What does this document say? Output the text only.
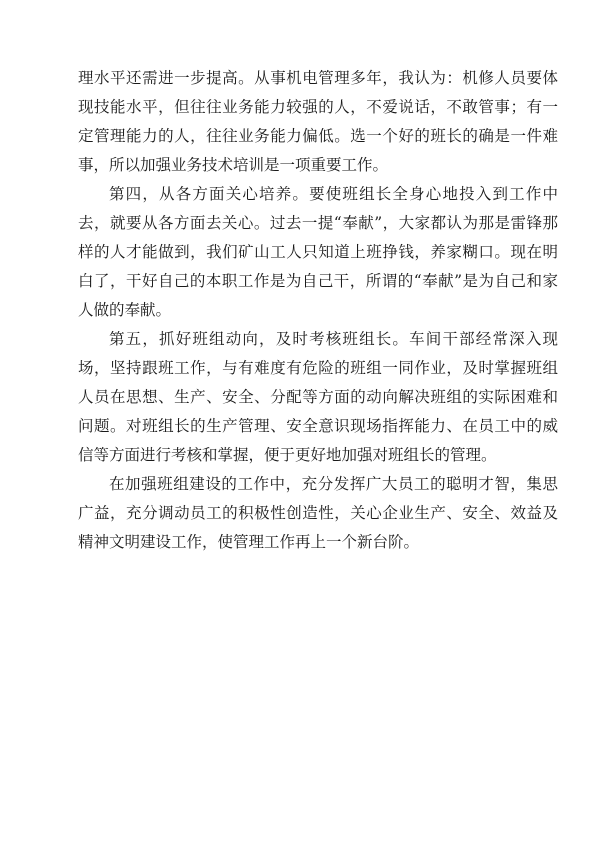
理水平还需进一步提高。从事机电管理多年，我认为：机修人员要体现技能水平，但往往业务能力较强的人，不爱说话，不敢管事；有一定管理能力的人，往往业务能力偏低。选一个好的班长的确是一件难事，所以加强业务技术培训是一项重要工作。

第四，从各方面关心培养。要使班组长全身心地投入到工作中去，就要从各方面去关心。过去一提“奉献”，大家都认为那是雷锋那样的人才能做到，我们矿山工人只知道上班挣钱，养家糊口。现在明白了，干好自己的本职工作是为自己干，所谓的“奉献”是为自己和家人做的奉献。

第五，抓好班组动向，及时考核班组长。车间干部经常深入现场，坚持跟班工作，与有难度有危险的班组一同作业，及时掌握班组人员在思想、生产、安全、分配等方面的动向解决班组的实际困难和问题。对班组长的生产管理、安全意识现场指挥能力、在员工中的威信等方面进行考核和掌握，便于更好地加强对班组长的管理。

在加强班组建设的工作中，充分发挥广大员工的聪明才智，集思广益，充分调动员工的积极性创造性，关心企业生产、安全、效益及精神文明建设工作，使管理工作再上一个新台阶。
